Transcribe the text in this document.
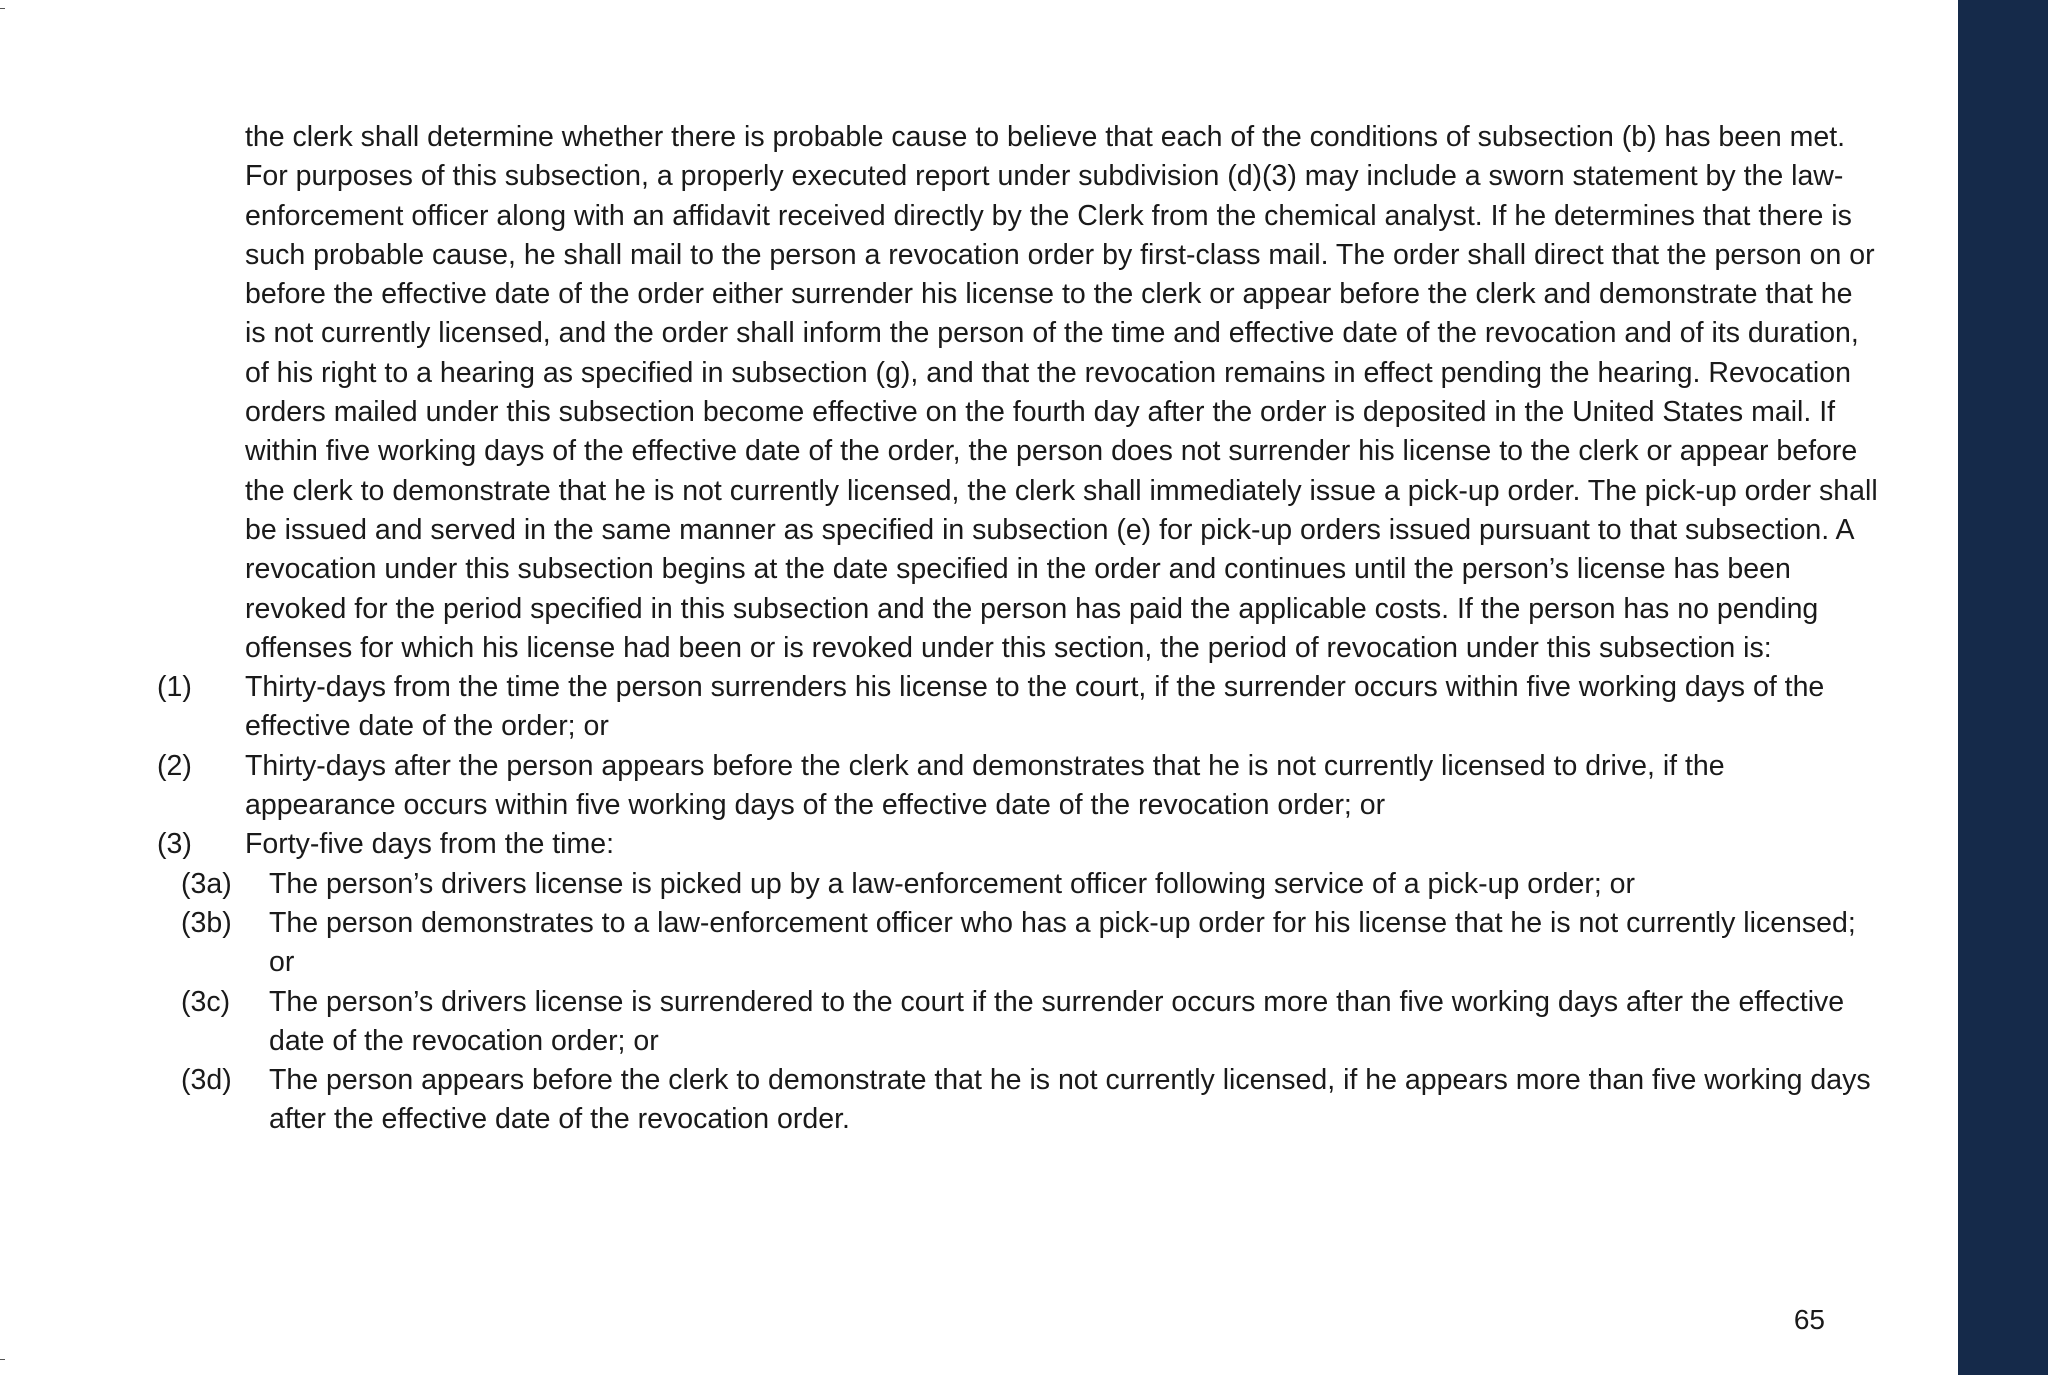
the clerk shall determine whether there is probable cause to believe that each of the conditions of subsection (b) has been met. For purposes of this subsection, a properly executed report under subdivision (d)(3) may include a sworn statement by the law-enforcement officer along with an affidavit received directly by the Clerk from the chemical analyst. If he determines that there is such probable cause, he shall mail to the person a revocation order by first-class mail. The order shall direct that the person on or before the effective date of the order either surrender his license to the clerk or appear before the clerk and demonstrate that he is not currently licensed, and the order shall inform the person of the time and effective date of the revocation and of its duration, of his right to a hearing as specified in subsection (g), and that the revocation remains in effect pending the hearing. Revocation orders mailed under this subsection become effective on the fourth day after the order is deposited in the United States mail. If within five working days of the effective date of the order, the person does not surrender his license to the clerk or appear before the clerk to demonstrate that he is not currently licensed, the clerk shall immediately issue a pick-up order. The pick-up order shall be issued and served in the same manner as specified in subsection (e) for pick-up orders issued pursuant to that subsection. A revocation under this subsection begins at the date specified in the order and continues until the person’s license has been revoked for the period specified in this subsection and the person has paid the applicable costs. If the person has no pending offenses for which his license had been or is revoked under this section, the period of revocation under this subsection is:

(1) Thirty-days from the time the person surrenders his license to the court, if the surrender occurs within five working days of the effective date of the order; or
(2) Thirty-days after the person appears before the clerk and demonstrates that he is not currently licensed to drive, if the appearance occurs within five working days of the effective date of the revocation order; or
(3) Forty-five days from the time:
(3a) The person’s drivers license is picked up by a law-enforcement officer following service of a pick-up order; or
(3b) The person demonstrates to a law-enforcement officer who has a pick-up order for his license that he is not currently licensed; or
(3c) The person’s drivers license is surrendered to the court if the surrender occurs more than five working days after the effective date of the revocation order; or
(3d) The person appears before the clerk to demonstrate that he is not currently licensed, if he appears more than five working days after the effective date of the revocation order.
65
